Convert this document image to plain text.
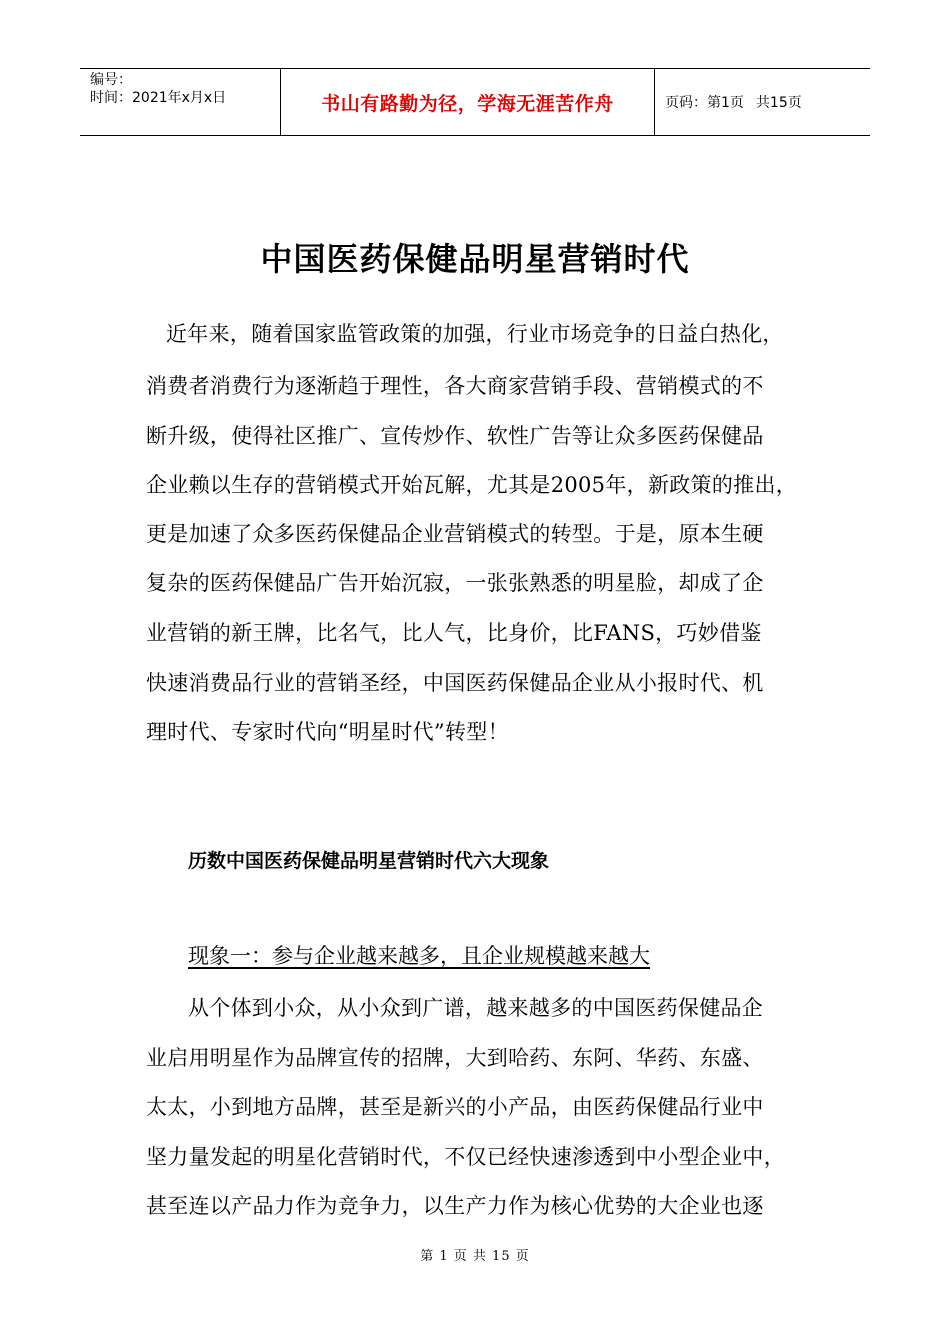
编号：
时间：2021年x月x日	书山有路勤为径，学海无涯苦作舟	页码：第1页 共15页
中国医药保健品明星营销时代
近年来，随着国家监管政策的加强，行业市场竞争的日益白热化，
消费者消费行为逐渐趋于理性，各大商家营销手段、营销模式的不
断升级，使得社区推广、宣传炒作、软性广告等让众多医药保健品
企业赖以生存的营销模式开始瓦解，尤其是2005年，新政策的推出，
更是加速了众多医药保健品企业营销模式的转型。于是，原本生硬
复杂的医药保健品广告开始沉寂，一张张熟悉的明星脸，却成了企
业营销的新王牌，比名气，比人气，比身价，比FANS，巧妙借鉴
快速消费品行业的营销圣经，中国医药保健品企业从小报时代、机
理时代、专家时代向“明星时代”转型！
历数中国医药保健品明星营销时代六大现象
现象一：参与企业越来越多，且企业规模越来越大
从个体到小众，从小众到广谱，越来越多的中国医药保健品企
业启用明星作为品牌宣传的招牌，大到哈药、东阿、华药、东盛、
太太，小到地方品牌，甚至是新兴的小产品，由医药保健品行业中
坚力量发起的明星化营销时代，不仅已经快速渗透到中小型企业中，
甚至连以产品力作为竞争力，以生产力作为核心优势的大企业也逐
第 1 页 共 15 页
